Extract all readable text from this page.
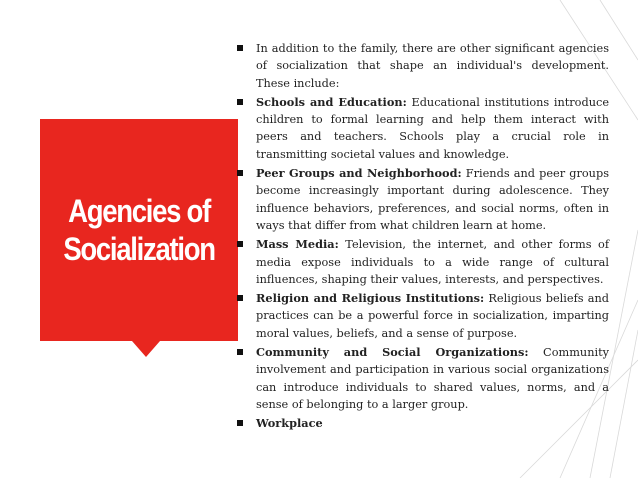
Agencies of
Socialization

In addition to the family, there are other significant agencies of socialization that shape an individual's development. These include:

Schools and Education: Educational institutions introduce children to formal learning and help them interact with peers and teachers. Schools play a crucial role in transmitting societal values and knowledge.

Peer Groups and Neighborhood: Friends and peer groups become increasingly important during adolescence. They influence behaviors, preferences, and social norms, often in ways that differ from what children learn at home.

Mass Media: Television, the internet, and other forms of media expose individuals to a wide range of cultural influences, shaping their values, interests, and perspectives.

Religion and Religious Institutions: Religious beliefs and practices can be a powerful force in socialization, imparting moral values, beliefs, and a sense of purpose.

Community and Social Organizations: Community involvement and participation in various social organizations can introduce individuals to shared values, norms, and a sense of belonging to a larger group.

Workplace
